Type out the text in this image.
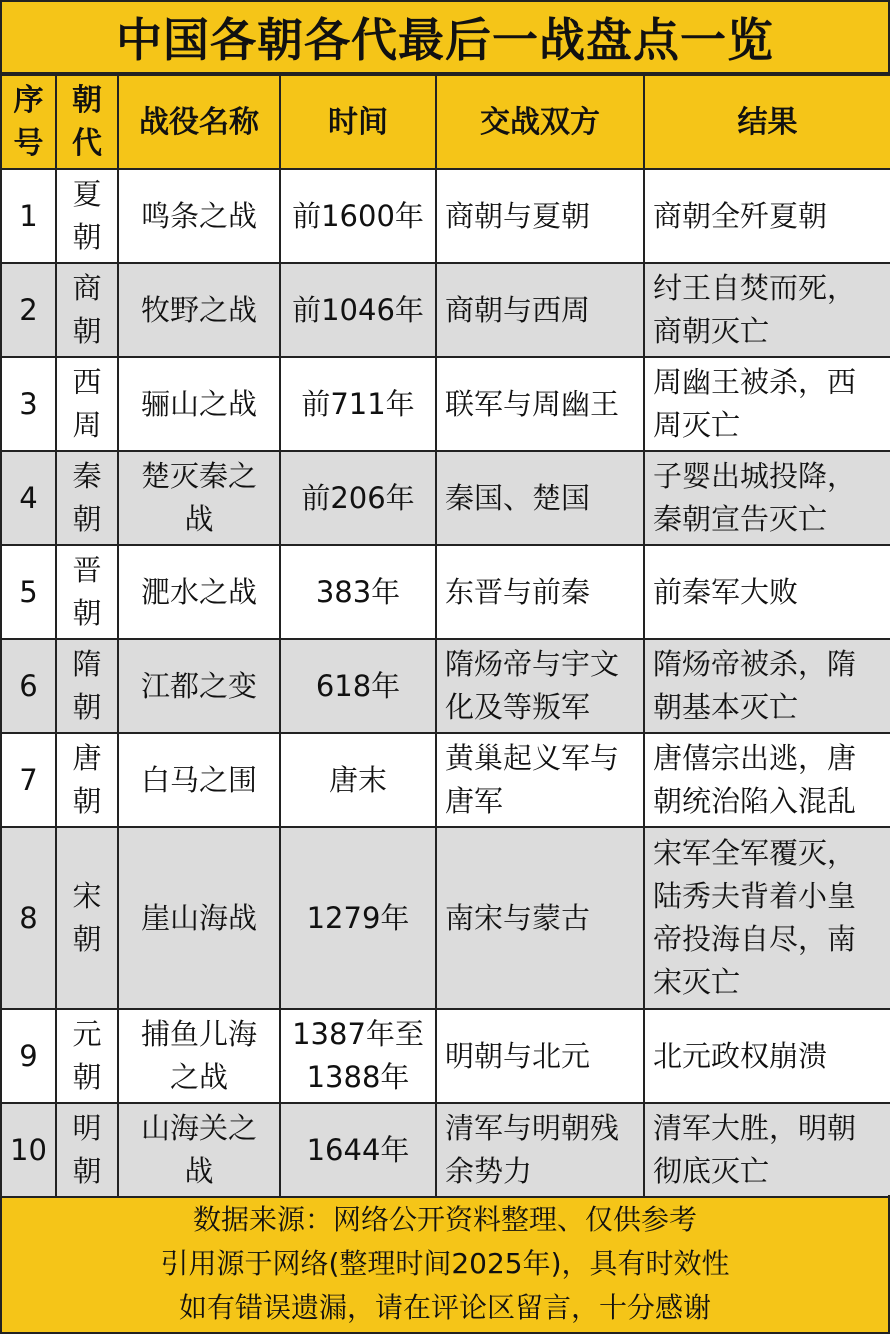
中国各朝各代最后一战盘点一览
序号	朝代	战役名称	时间	交战双方	结果
1	夏朝	鸣条之战	前1600年	商朝与夏朝	商朝全歼夏朝
2	商朝	牧野之战	前1046年	商朝与西周	纣王自焚而死，商朝灭亡
3	西周	骊山之战	前711年	联军与周幽王	周幽王被杀，西周灭亡
4	秦朝	楚灭秦之战	前206年	秦国、楚国	子婴出城投降，秦朝宣告灭亡
5	晋朝	淝水之战	383年	东晋与前秦	前秦军大败
6	隋朝	江都之变	618年	隋炀帝与宇文化及等叛军	隋炀帝被杀，隋朝基本灭亡
7	唐朝	白马之围	唐末	黄巢起义军与唐军	唐僖宗出逃，唐朝统治陷入混乱
8	宋朝	崖山海战	1279年	南宋与蒙古	宋军全军覆灭，陆秀夫背着小皇帝投海自尽，南宋灭亡
9	元朝	捕鱼儿海之战	1387年至1388年	明朝与北元	北元政权崩溃
10	明朝	山海关之战	1644年	清军与明朝残余势力	清军大胜，明朝彻底灭亡
数据来源：网络公开资料整理、仅供参考
引用源于网络(整理时间2025年)，具有时效性
如有错误遗漏，请在评论区留言，十分感谢
